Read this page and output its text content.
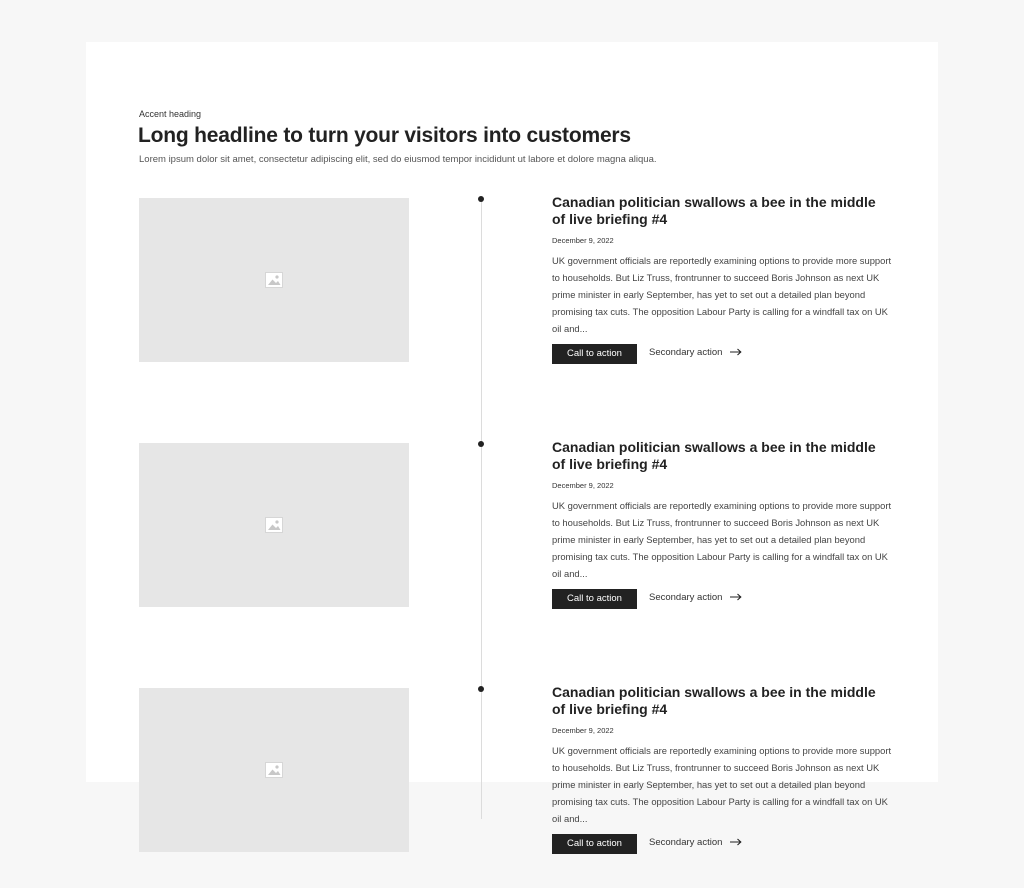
Accent heading
Long headline to turn your visitors into customers

Lorem ipsum dolor sit amet, consectetur adipiscing elit, sed do eiusmod tempor incididunt ut labore et dolore magna aliqua.

Canadian politician swallows a bee in the middle of live briefing #4
December 9, 2022

UK government officials are reportedly examining options to provide more support to households. But Liz Truss, frontrunner to succeed Boris Johnson as next UK prime minister in early September, has yet to set out a detailed plan beyond promising tax cuts. The opposition Labour Party is calling for a windfall tax on UK oil and...

Call to action	Secondary action
Canadian politician swallows a bee in the middle of live briefing #4
December 9, 2022

UK government officials are reportedly examining options to provide more support to households. But Liz Truss, frontrunner to succeed Boris Johnson as next UK prime minister in early September, has yet to set out a detailed plan beyond promising tax cuts. The opposition Labour Party is calling for a windfall tax on UK oil and...

Call to action	Secondary action
Canadian politician swallows a bee in the middle of live briefing #4
December 9, 2022

UK government officials are reportedly examining options to provide more support to households. But Liz Truss, frontrunner to succeed Boris Johnson as next UK prime minister in early September, has yet to set out a detailed plan beyond promising tax cuts. The opposition Labour Party is calling for a windfall tax on UK oil and...

Call to action	Secondary action
